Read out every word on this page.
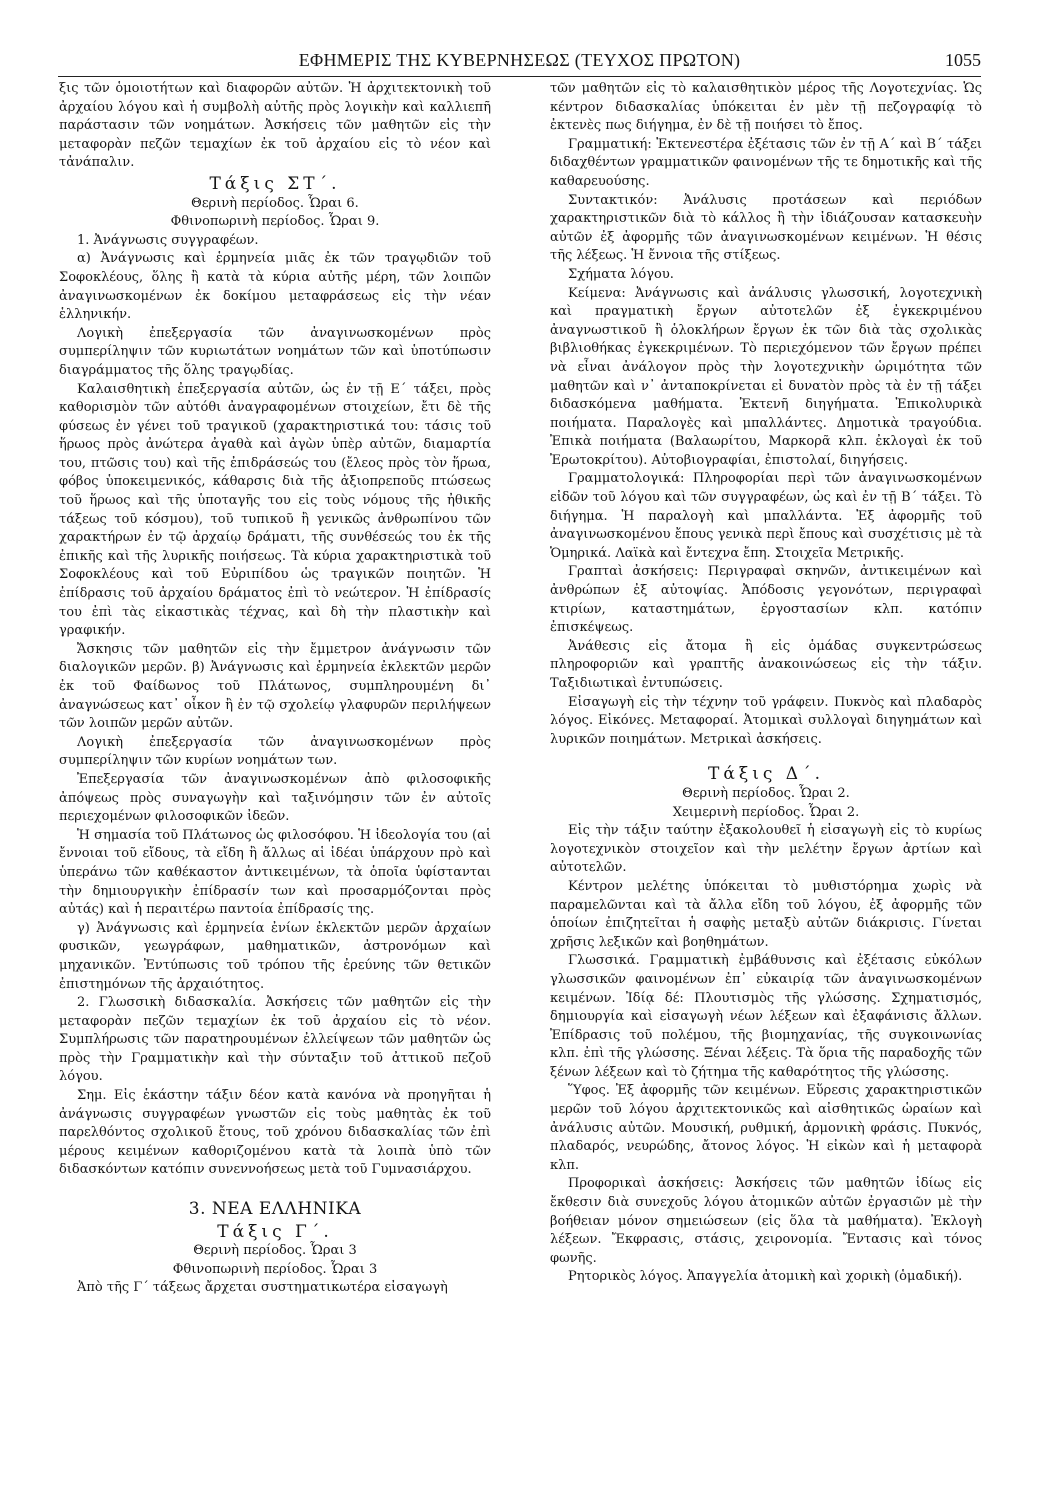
ΕΦΗΜΕΡΙΣ ΤΗΣ ΚΥΒΕΡΝΗΣΕΩΣ (ΤΕΥΧΟΣ ΠΡΩΤΟΝ)	1055

ξις τῶν ὁμοιοτήτων καὶ διαφορῶν αὐτῶν. Ἡ ἀρχιτεκτονικὴ τοῦ ἀρχαίου λόγου καὶ ἡ συμβολὴ αὐτῆς πρὸς λογικὴν καὶ καλλιεπῆ παράστασιν τῶν νοημάτων. Ἀσκήσεις τῶν μαθητῶν εἰς τὴν μεταφορὰν πεζῶν τεμαχίων ἐκ τοῦ ἀρχαίου εἰς τὸ νέον καὶ τἀνάπαλιν.

Τάξις ΣΤ΄.
Θερινὴ περίοδος. Ὧραι 6.
Φθινοπωρινὴ περίοδος. Ὧραι 9.

1. Ἀνάγνωσις συγγραφέων.

α) Ἀνάγνωσις καὶ ἑρμηνεία μιᾶς ἐκ τῶν τραγῳδιῶν τοῦ Σοφοκλέους, ὅλης ἢ κατὰ τὰ κύρια αὐτῆς μέρη, τῶν λοιπῶν ἀναγινωσκομένων ἐκ δοκίμου μεταφράσεως εἰς τὴν νέαν ἑλληνικήν.

Λογικὴ ἐπεξεργασία τῶν ἀναγινωσκομένων πρὸς συμπερίληψιν τῶν κυριωτάτων νοημάτων τῶν καὶ ὑποτύπωσιν διαγράμματος τῆς ὅλης τραγῳδίας.

Καλαισθητικὴ ἐπεξεργασία αὐτῶν, ὡς ἐν τῇ Ε΄ τάξει, πρὸς καθορισμὸν τῶν αὐτόθι ἀναγραφομένων στοιχείων, ἔτι δὲ τῆς φύσεως ἐν γένει τοῦ τραγικοῦ (χαρακτηριστικά του: τάσις τοῦ ἥρωος πρὸς ἀνώτερα ἀγαθὰ καὶ ἀγὼν ὑπὲρ αὐτῶν, διαμαρτία του, πτῶσις του) καὶ τῆς ἐπιδράσεώς του (ἔλεος πρὸς τὸν ἥρωα, φόβος ὑποκειμενικός, κάθαρσις διὰ τῆς ἀξιοπρεποῦς πτώσεως τοῦ ἥρωος καὶ τῆς ὑποταγῆς του εἰς τοὺς νόμους τῆς ἠθικῆς τάξεως τοῦ κόσμου), τοῦ τυπικοῦ ἢ γενικῶς ἀνθρωπίνου τῶν χαρακτήρων ἐν τῷ ἀρχαίῳ δράματι, τῆς συνθέσεώς του ἐκ τῆς ἐπικῆς καὶ τῆς λυρικῆς ποιήσεως. Τὰ κύρια χαρακτηριστικὰ τοῦ Σοφοκλέους καὶ τοῦ Εὐριπίδου ὡς τραγικῶν ποιητῶν. Ἡ ἐπίδρασις τοῦ ἀρχαίου δράματος ἐπὶ τὸ νεώτερον. Ἡ ἐπίδρασίς του ἐπὶ τὰς εἰκαστικὰς τέχνας, καὶ δὴ τὴν πλαστικὴν καὶ γραφικήν.

Ἄσκησις τῶν μαθητῶν εἰς τὴν ἔμμετρον ἀνάγνωσιν τῶν διαλογικῶν μερῶν. β) Ἀνάγνωσις καὶ ἑρμηνεία ἐκλεκτῶν μερῶν ἐκ τοῦ Φαίδωνος τοῦ Πλάτωνος, συμπληρουμένη δι᾽ ἀναγνώσεως κατ᾽ οἶκον ἢ ἐν τῷ σχολείῳ γλαφυρῶν περιλήψεων τῶν λοιπῶν μερῶν αὐτῶν.

Λογικὴ ἐπεξεργασία τῶν ἀναγινωσκομένων πρὸς συμπερίληψιν τῶν κυρίων νοημάτων των.

Ἐπεξεργασία τῶν ἀναγινωσκομένων ἀπὸ φιλοσοφικῆς ἀπόψεως πρὸς συναγωγὴν καὶ ταξινόμησιν τῶν ἐν αὐτοῖς περιεχομένων φιλοσοφικῶν ἰδεῶν.

Ἡ σημασία τοῦ Πλάτωνος ὡς φιλοσόφου. Ἡ ἰδεολογία του (αἱ ἔννοιαι τοῦ εἴδους, τὰ εἴδη ἢ ἄλλως αἱ ἰδέαι ὑπάρχουν πρὸ καὶ ὑπεράνω τῶν καθέκαστον ἀντικειμένων, τὰ ὁποῖα ὑφίστανται τὴν δημιουργικὴν ἐπίδρασίν των καὶ προσαρμόζονται πρὸς αὐτάς) καὶ ἡ περαιτέρω παντοία ἐπίδρασίς της.

γ) Ἀνάγνωσις καὶ ἑρμηνεία ἐνίων ἐκλεκτῶν μερῶν ἀρχαίων φυσικῶν, γεωγράφων, μαθηματικῶν, ἀστρονόμων καὶ μηχανικῶν. Ἐντύπωσις τοῦ τρόπου τῆς ἐρεύνης τῶν θετικῶν ἐπιστημόνων τῆς ἀρχαιότητος.

2. Γλωσσικὴ διδασκαλία. Ἀσκήσεις τῶν μαθητῶν εἰς τὴν μεταφορὰν πεζῶν τεμαχίων ἐκ τοῦ ἀρχαίου εἰς τὸ νέον. Συμπλήρωσις τῶν παρατηρουμένων ἐλλείψεων τῶν μαθητῶν ὡς πρὸς τὴν Γραμματικὴν καὶ τὴν σύνταξιν τοῦ ἀττικοῦ πεζοῦ λόγου.

Σημ. Εἰς ἑκάστην τάξιν δέον κατὰ κανόνα νὰ προηγῆται ἡ ἀνάγνωσις συγγραφέων γνωστῶν εἰς τοὺς μαθητὰς ἐκ τοῦ παρελθόντος σχολικοῦ ἔτους, τοῦ χρόνου διδασκαλίας τῶν ἐπὶ μέρους κειμένων καθοριζομένου κατὰ τὰ λοιπὰ ὑπὸ τῶν διδασκόντων κατόπιν συνεννοήσεως μετὰ τοῦ Γυμνασιάρχου.

3. ΝΕΑ ΕΛΛΗΝΙΚΑ
Τάξις Γ΄.
Θερινὴ περίοδος. Ὧραι 3
Φθινοπωρινὴ περίοδος. Ὧραι 3

Ἀπὸ τῆς Γ΄ τάξεως ἄρχεται συστηματικωτέρα εἰσαγωγὴ

τῶν μαθητῶν εἰς τὸ καλαισθητικὸν μέρος τῆς Λογοτεχνίας. Ὡς κέντρον διδασκαλίας ὑπόκειται ἐν μὲν τῇ πεζογραφίᾳ τὸ ἐκτενὲς πως διήγημα, ἐν δὲ τῇ ποιήσει τὸ ἔπος.

Γραμματική: Ἐκτενεστέρα ἐξέτασις τῶν ἐν τῇ Α΄ καὶ Β΄ τάξει διδαχθέντων γραμματικῶν φαινομένων τῆς τε δημοτικῆς καὶ τῆς καθαρευούσης.

Συντακτικόν: Ἀνάλυσις προτάσεων καὶ περιόδων χαρακτηριστικῶν διὰ τὸ κάλλος ἢ τὴν ἰδιάζουσαν κατασκευὴν αὐτῶν ἐξ ἀφορμῆς τῶν ἀναγινωσκομένων κειμένων. Ἡ θέσις τῆς λέξεως. Ἡ ἔννοια τῆς στίξεως.

Σχήματα λόγου.

Κείμενα: Ἀνάγνωσις καὶ ἀνάλυσις γλωσσική, λογοτεχνικὴ καὶ πραγματικὴ ἔργων αὐτοτελῶν ἐξ ἐγκεκριμένου ἀναγνωστικοῦ ἢ ὁλοκλήρων ἔργων ἐκ τῶν διὰ τὰς σχολικὰς βιβλιοθήκας ἐγκεκριμένων. Τὸ περιεχόμενον τῶν ἔργων πρέπει νὰ εἶναι ἀνάλογον πρὸς τὴν λογοτεχνικὴν ὡριμότητα τῶν μαθητῶν καὶ ν᾽ ἀνταποκρίνεται εἰ δυνατὸν πρὸς τὰ ἐν τῇ τάξει διδασκόμενα μαθήματα. Ἐκτενῆ διηγήματα. Ἐπικολυρικὰ ποιήματα. Παραλογὲς καὶ μπαλλάντες. Δημοτικὰ τραγούδια. Ἐπικὰ ποιήματα (Βαλαωρίτου, Μαρκορᾶ κλπ. ἐκλογαὶ ἐκ τοῦ Ἐρωτοκρίτου). Αὐτοβιογραφίαι, ἐπιστολαί, διηγήσεις.

Γραμματολογικά: Πληροφορίαι περὶ τῶν ἀναγινωσκομένων εἰδῶν τοῦ λόγου καὶ τῶν συγγραφέων, ὡς καὶ ἐν τῇ Β΄ τάξει. Τὸ διήγημα. Ἡ παραλογὴ καὶ μπαλλάντα. Ἐξ ἀφορμῆς τοῦ ἀναγινωσκομένου ἔπους γενικὰ περὶ ἔπους καὶ συσχέτισις μὲ τὰ Ὁμηρικά. Λαϊκὰ καὶ ἔντεχνα ἔπη. Στοιχεῖα Μετρικῆς.

Γραπταὶ ἀσκήσεις: Περιγραφαὶ σκηνῶν, ἀντικειμένων καὶ ἀνθρώπων ἐξ αὐτοψίας. Ἀπόδοσις γεγονότων, περιγραφαὶ κτιρίων, καταστημάτων, ἐργοστασίων κλπ. κατόπιν ἐπισκέψεως.

Ἀνάθεσις εἰς ἄτομα ἢ εἰς ὁμάδας συγκεντρώσεως πληροφοριῶν καὶ γραπτῆς ἀνακοινώσεως εἰς τὴν τάξιν. Ταξιδιωτικαὶ ἐντυπώσεις.

Εἰσαγωγὴ εἰς τὴν τέχνην τοῦ γράφειν. Πυκνὸς καὶ πλαδαρὸς λόγος. Εἰκόνες. Μεταφοραί. Ἀτομικαὶ συλλογαὶ διηγημάτων καὶ λυρικῶν ποιημάτων. Μετρικαὶ ἀσκήσεις.

Τάξις Δ΄.
Θερινὴ περίοδος. Ὧραι 2.
Χειμερινὴ περίοδος. Ὧραι 2.

Εἰς τὴν τάξιν ταύτην ἐξακολουθεῖ ἡ εἰσαγωγὴ εἰς τὸ κυρίως λογοτεχνικὸν στοιχεῖον καὶ τὴν μελέτην ἔργων ἀρτίων καὶ αὐτοτελῶν.

Κέντρον μελέτης ὑπόκειται τὸ μυθιστόρημα χωρὶς νὰ παραμελῶνται καὶ τὰ ἄλλα εἴδη τοῦ λόγου, ἐξ ἀφορμῆς τῶν ὁποίων ἐπιζητεῖται ἡ σαφὴς μεταξὺ αὐτῶν διάκρισις. Γίνεται χρῆσις λεξικῶν καὶ βοηθημάτων.

Γλωσσικά. Γραμματικὴ ἐμβάθυνσις καὶ ἐξέτασις εὐκόλων γλωσσικῶν φαινομένων ἐπ᾽ εὐκαιρίᾳ τῶν ἀναγινωσκομένων κειμένων. Ἰδίᾳ δέ: Πλουτισμὸς τῆς γλώσσης. Σχηματισμός, δημιουργία καὶ εἰσαγωγὴ νέων λέξεων καὶ ἐξαφάνισις ἄλλων. Ἐπίδρασις τοῦ πολέμου, τῆς βιομηχανίας, τῆς συγκοινωνίας κλπ. ἐπὶ τῆς γλώσσης. Ξέναι λέξεις. Τὰ ὅρια τῆς παραδοχῆς τῶν ξένων λέξεων καὶ τὸ ζήτημα τῆς καθαρότητος τῆς γλώσσης.

Ὕφος. Ἐξ ἀφορμῆς τῶν κειμένων. Εὕρεσις χαρακτηριστικῶν μερῶν τοῦ λόγου ἀρχιτεκτονικῶς καὶ αἰσθητικῶς ὡραίων καὶ ἀνάλυσις αὐτῶν. Μουσική, ρυθμική, ἁρμονικὴ φράσις. Πυκνός, πλαδαρός, νευρώδης, ἄτονος λόγος. Ἡ εἰκὼν καὶ ἡ μεταφορὰ κλπ.

Προφορικαὶ ἀσκήσεις: Ἀσκήσεις τῶν μαθητῶν ἰδίως εἰς ἔκθεσιν διὰ συνεχοῦς λόγου ἀτομικῶν αὐτῶν ἐργασιῶν μὲ τὴν βοήθειαν μόνον σημειώσεων (εἰς ὅλα τὰ μαθήματα). Ἐκλογὴ λέξεων. Ἔκφρασις, στάσις, χειρονομία. Ἔντασις καὶ τόνος φωνῆς.

Ρητορικὸς λόγος. Ἀπαγγελία ἀτομικὴ καὶ χορικὴ (ὁμαδική).
